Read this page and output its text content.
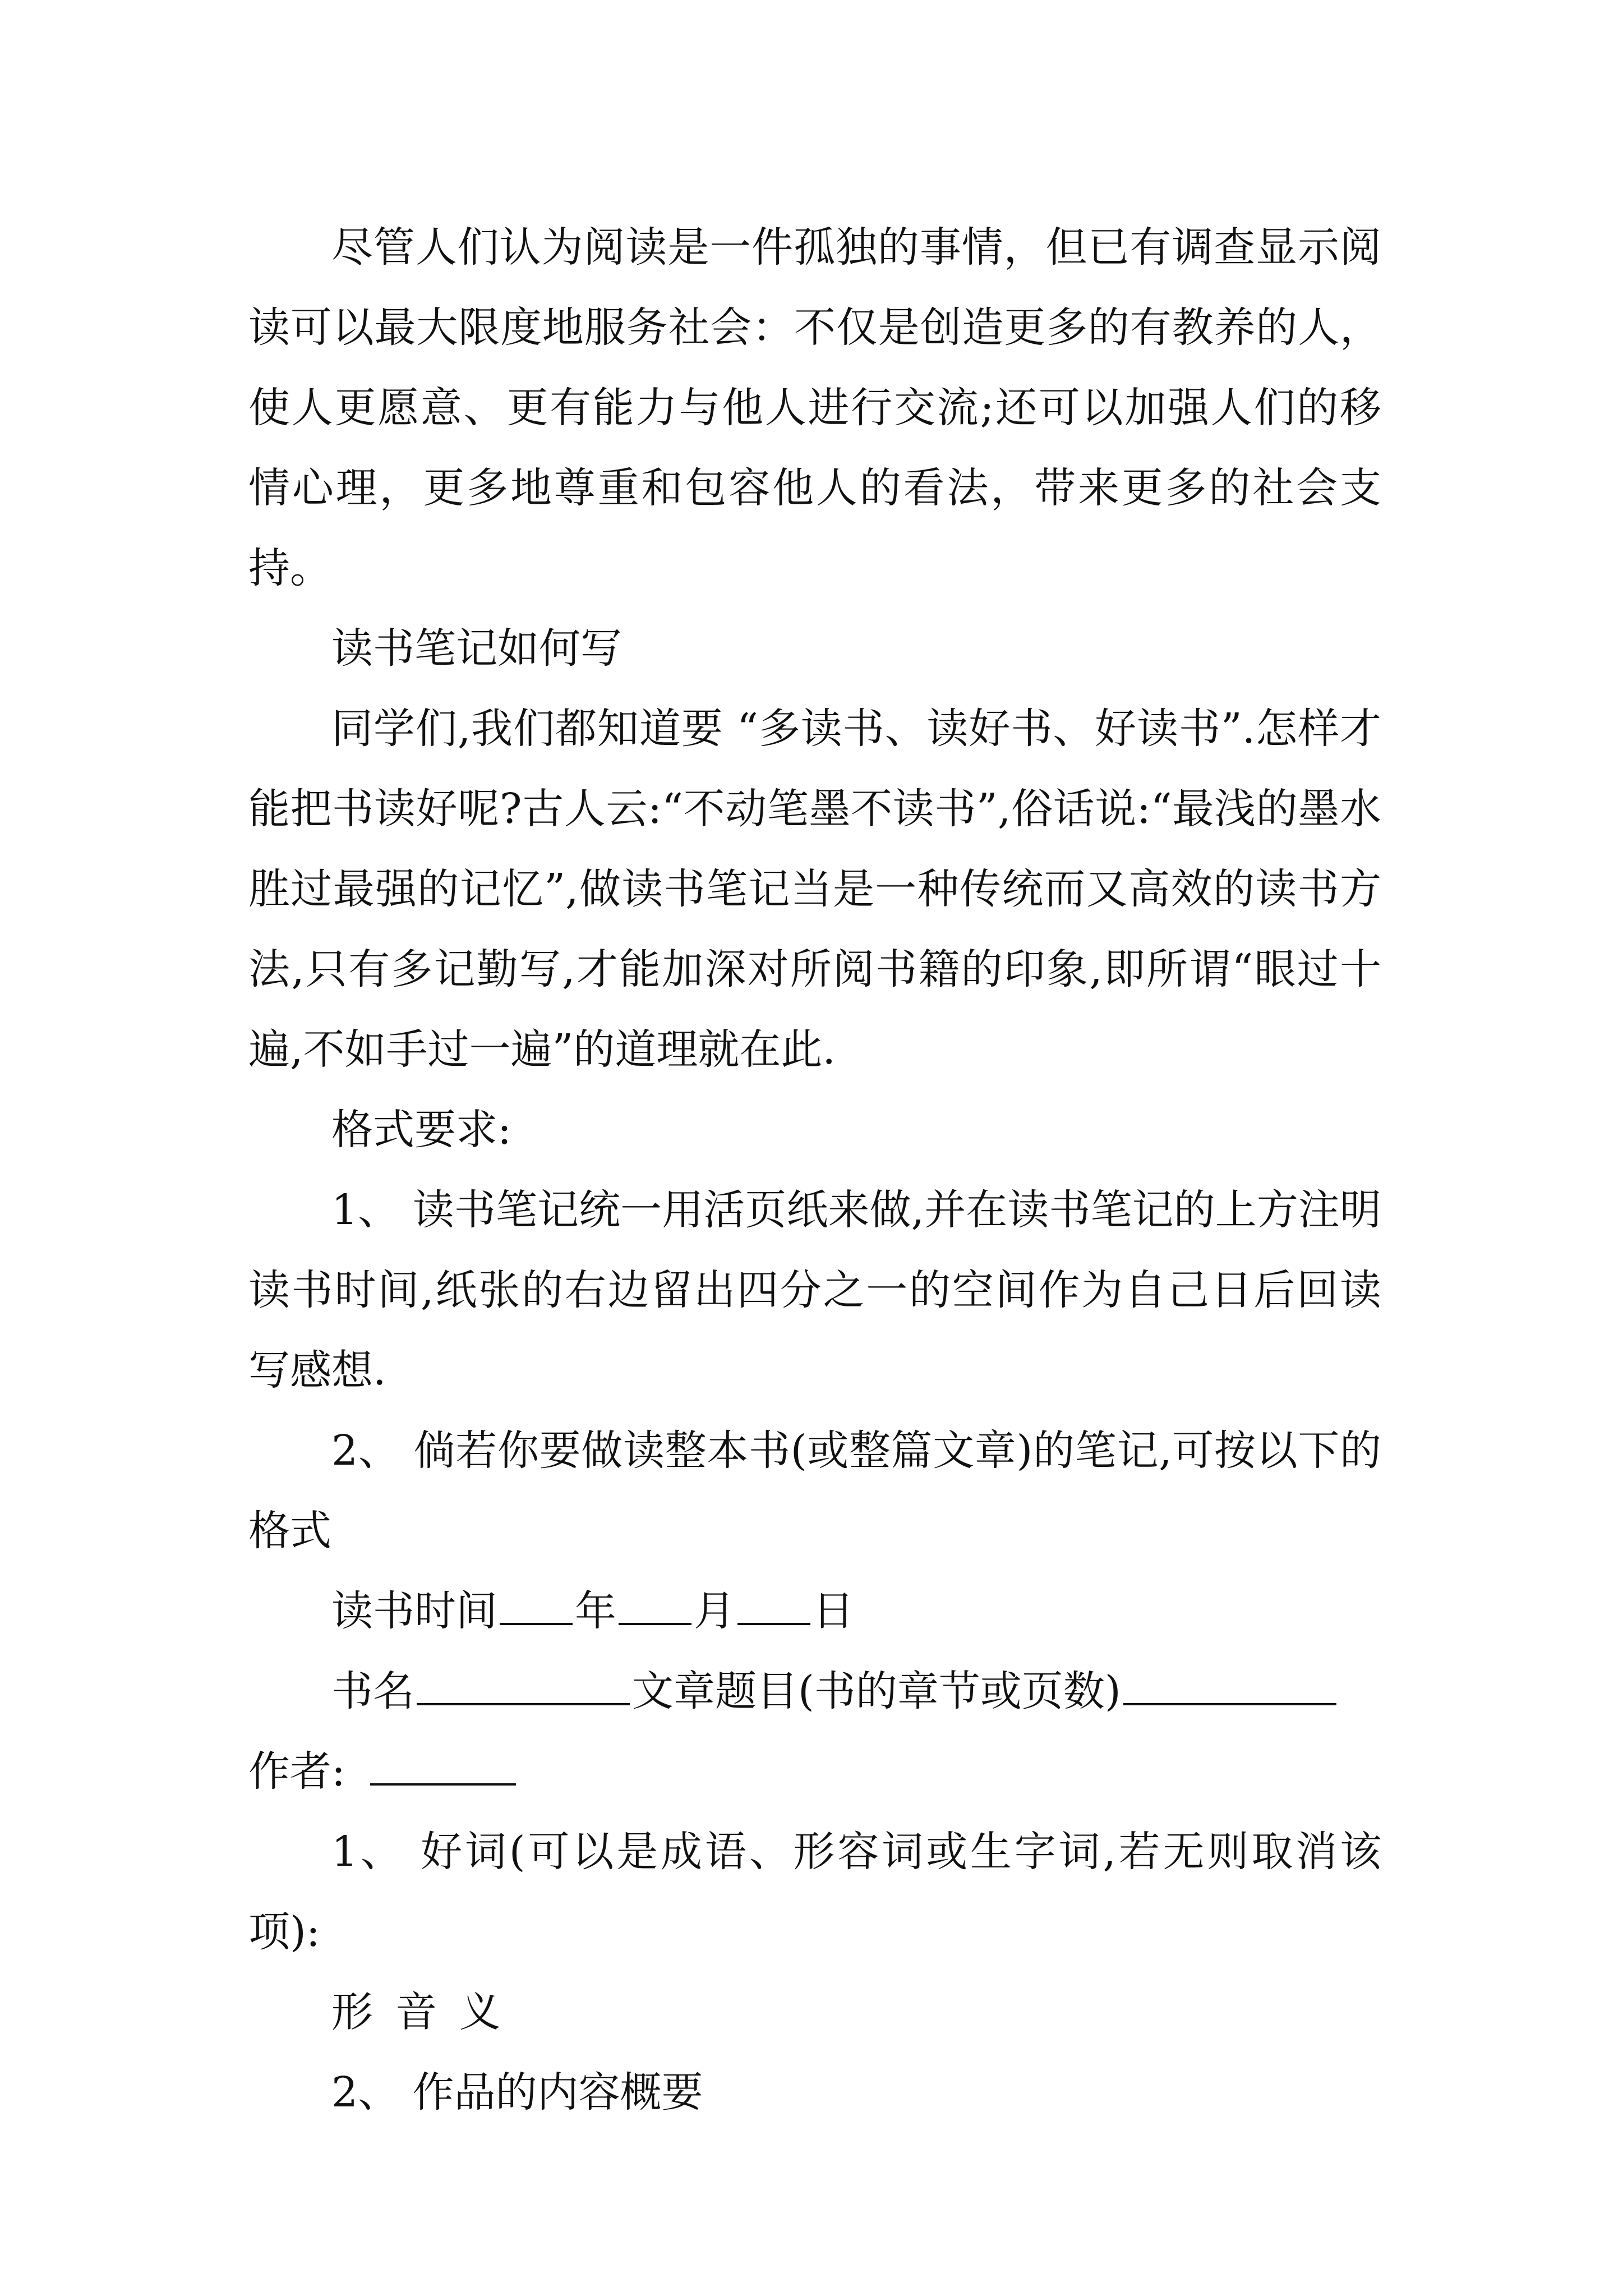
尽管人们认为阅读是一件孤独的事情，但已有调查显示阅读可以最大限度地服务社会：不仅是创造更多的有教养的人，使人更愿意、更有能力与他人进行交流;还可以加强人们的移情心理，更多地尊重和包容他人的看法，带来更多的社会支持。

读书笔记如何写

同学们,我们都知道要 “多读书、读好书、好读书”.怎样才能把书读好呢?古人云:“不动笔墨不读书”,俗话说:“最浅的墨水胜过最强的记忆”,做读书笔记当是一种传统而又高效的读书方法,只有多记勤写,才能加深对所阅书籍的印象,即所谓“眼过十遍,不如手过一遍”的道理就在此.

格式要求:

1、 读书笔记统一用活页纸来做,并在读书笔记的上方注明读书时间,纸张的右边留出四分之一的空间作为自己日后回读写感想.

2、 倘若你要做读整本书(或整篇文章)的笔记,可按以下的格式

读书时间 年 月 日

书名	文章题目(书的章节或页数)

作者:

1、 好词(可以是成语、形容词或生字词,若无则取消该项):

形 音 义

2、 作品的内容概要
